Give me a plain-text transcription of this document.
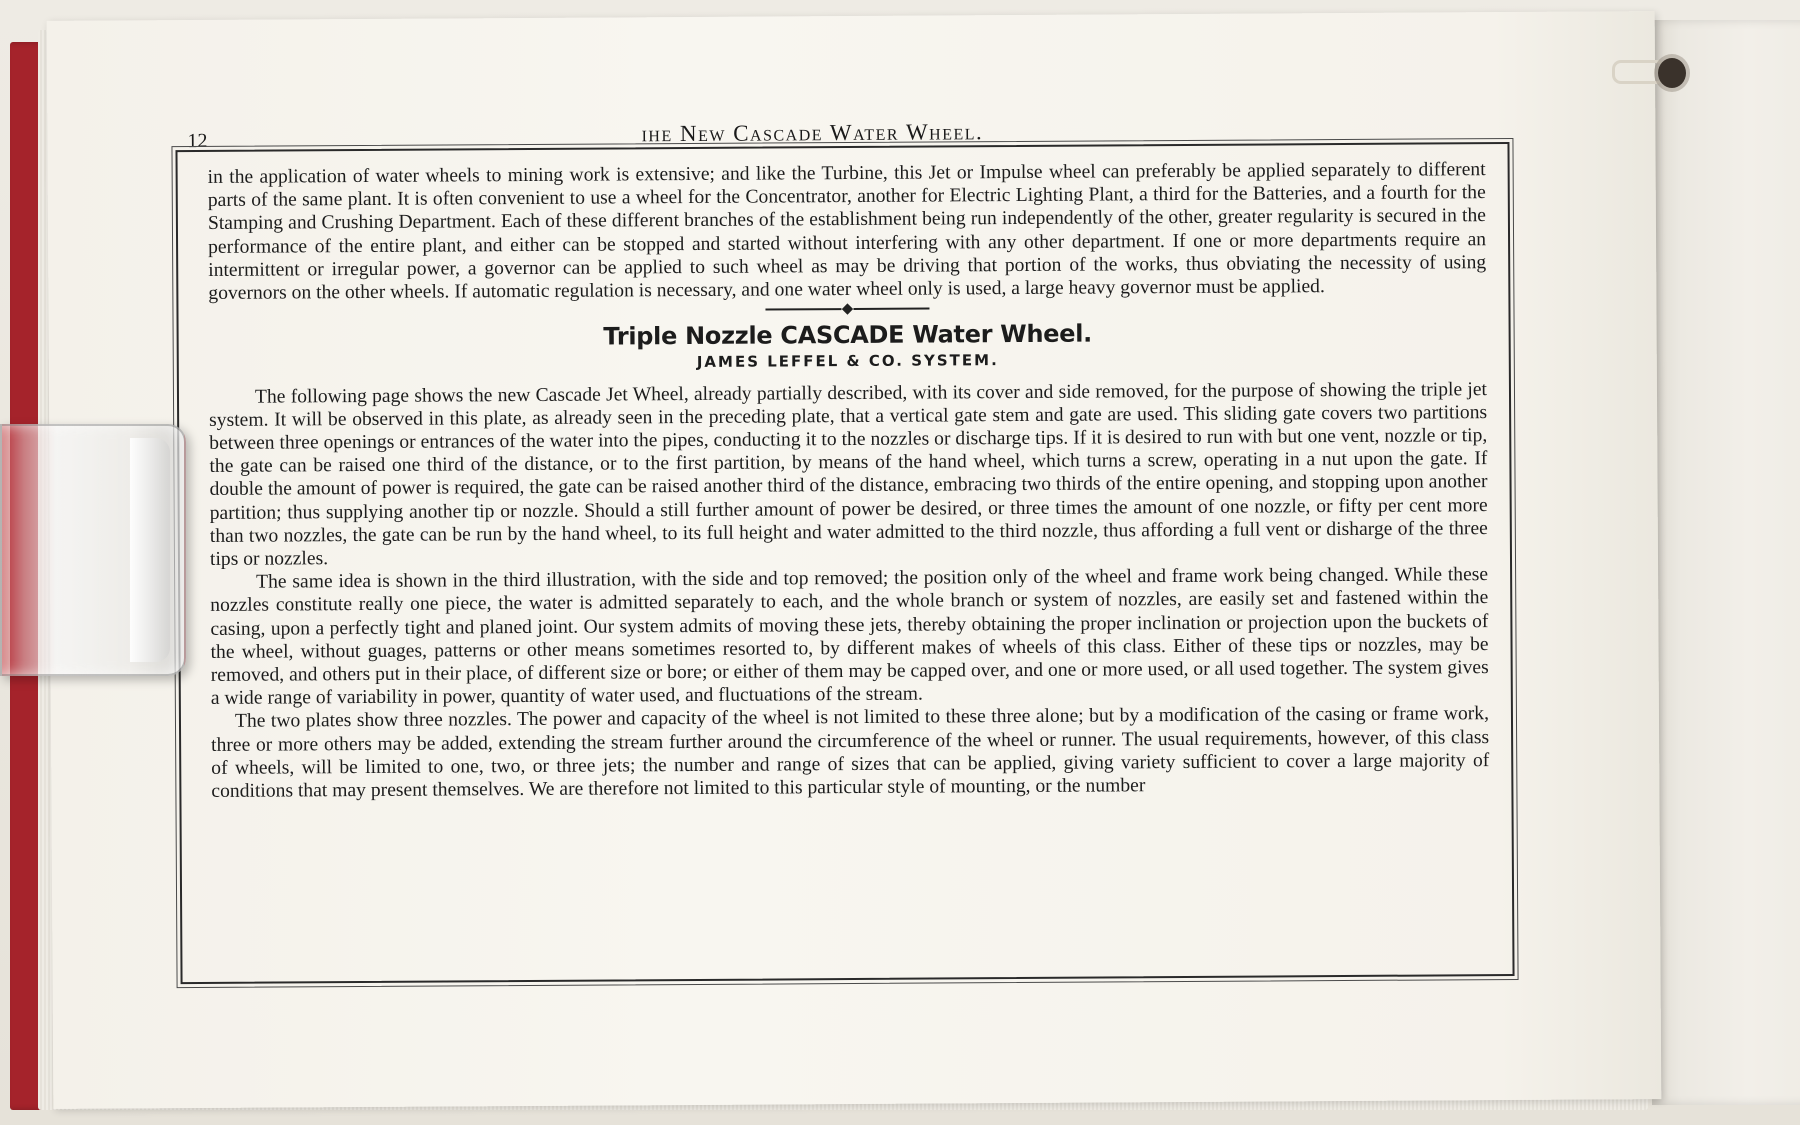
12	ıhe New Cascade Water Wheel.

in the application of water wheels to mining work is extensive; and like the Turbine, this Jet or Impulse wheel can preferably be applied separately to different parts of the same plant. It is often convenient to use a wheel for the Concentrator, another for Electric Lighting Plant, a third for the Batteries, and a fourth for the Stamping and Crushing Department. Each of these different branches of the establishment being run independently of the other, greater regularity is secured in the performance of the entire plant, and either can be stopped and started without interfering with any other department. If one or more departments require an intermittent or irregular power, a governor can be applied to such wheel as may be driving that portion of the works, thus obviating the necessity of using governors on the other wheels. If automatic regulation is necessary, and one water wheel only is used, a large heavy governor must be applied.

Triple Nozzle CASCADE Water Wheel.
JAMES LEFFEL & CO. SYSTEM.

The following page shows the new Cascade Jet Wheel, already partially described, with its cover and side removed, for the purpose of showing the triple jet system. It will be observed in this plate, as already seen in the preceding plate, that a vertical gate stem and gate are used. This sliding gate covers two partitions between three openings or entrances of the water into the pipes, conducting it to the nozzles or discharge tips. If it is desired to run with but one vent, nozzle or tip, the gate can be raised one third of the distance, or to the first partition, by means of the hand wheel, which turns a screw, operating in a nut upon the gate. If double the amount of power is required, the gate can be raised another third of the distance, embracing two thirds of the entire opening, and stopping upon another partition; thus supplying another tip or nozzle. Should a still further amount of power be desired, or three times the amount of one nozzle, or fifty per cent more than two nozzles, the gate can be run by the hand wheel, to its full height and water admitted to the third nozzle, thus affording a full vent or disharge of the three tips or nozzles.

The same idea is shown in the third illustration, with the side and top removed; the position only of the wheel and frame work being changed. While these nozzles constitute really one piece, the water is admitted separately to each, and the whole branch or system of nozzles, are easily set and fastened within the casing, upon a perfectly tight and planed joint. Our system admits of moving these jets, thereby obtaining the proper inclination or projection upon the buckets of the wheel, without guages, patterns or other means sometimes resorted to, by different makes of wheels of this class. Either of these tips or nozzles, may be removed, and others put in their place, of different size or bore; or either of them may be capped over, and one or more used, or all used together. The system gives a wide range of variability in power, quantity of water used, and fluctuations of the stream.

The two plates show three nozzles. The power and capacity of the wheel is not limited to these three alone; but by a modification of the casing or frame work, three or more others may be added, extending the stream further around the circumference of the wheel or runner. The usual requirements, however, of this class of wheels, will be limited to one, two, or three jets; the number and range of sizes that can be applied, giving variety sufficient to cover a large majority of conditions that may present themselves. We are therefore not limited to this particular style of mounting, or the number
